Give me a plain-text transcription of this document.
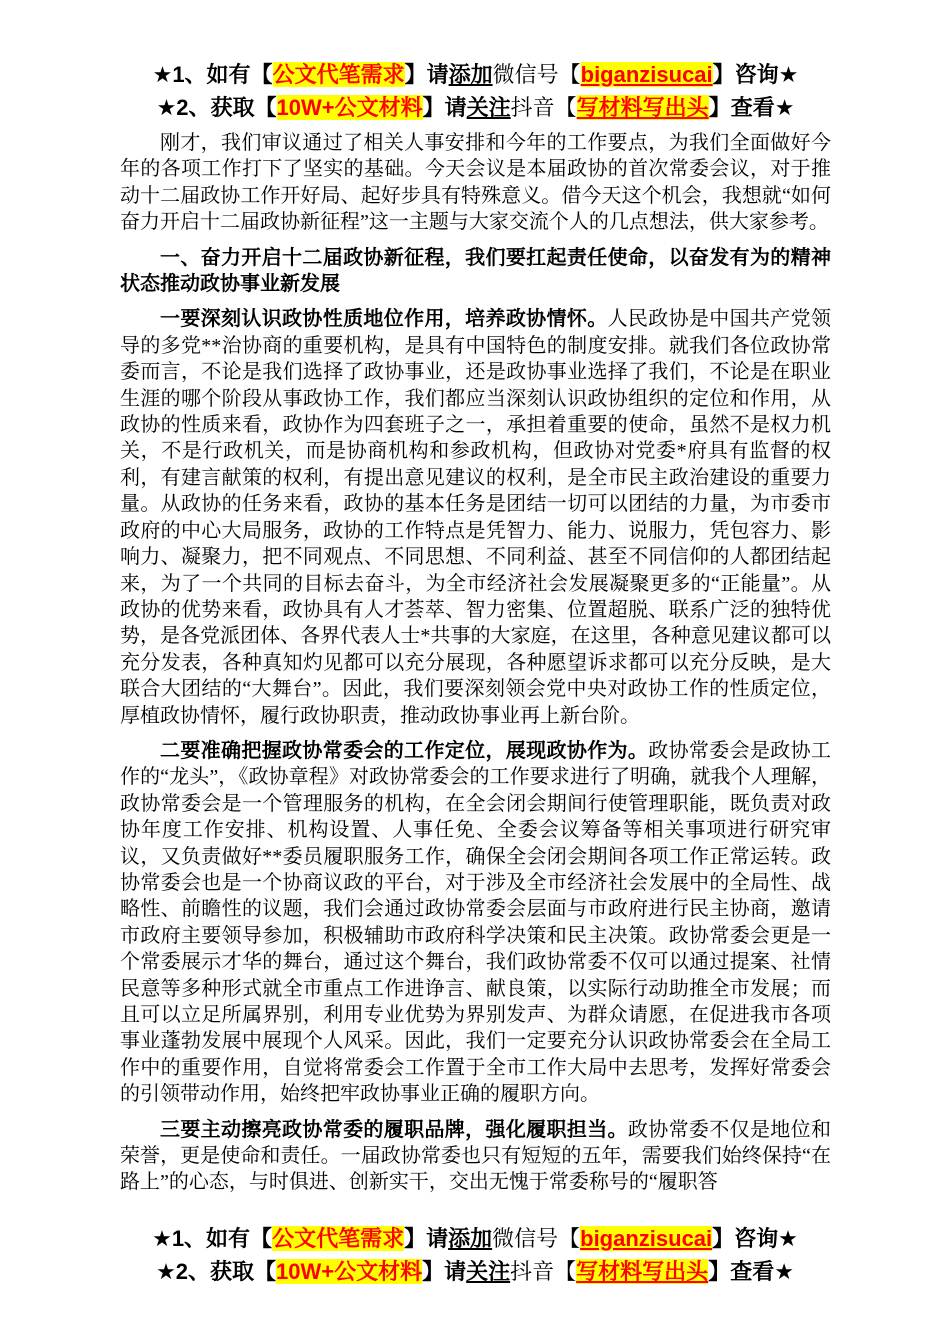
★1、如有【公文代笔需求】请添加微信号【biganzisucai】咨询★
★2、获取【10W+公文材料】请关注抖音【写材料写出头】查看★

刚才，我们审议通过了相关人事安排和今年的工作要点，为我们全面做好今年的各项工作打下了坚实的基础。今天会议是本届政协的首次常委会议，对于推动十二届政协工作开好局、起好步具有特殊意义。借今天这个机会，我想就“如何奋力开启十二届政协新征程”这一主题与大家交流个人的几点想法，供大家参考。

一、奋力开启十二届政协新征程，我们要扛起责任使命，以奋发有为的精神状态推动政协事业新发展

一要深刻认识政协性质地位作用，培养政协情怀。人民政协是中国共产党领导的多党**治协商的重要机构，是具有中国特色的制度安排。就我们各位政协常委而言，不论是我们选择了政协事业，还是政协事业选择了我们，不论是在职业生涯的哪个阶段从事政协工作，我们都应当深刻认识政协组织的定位和作用，从政协的性质来看，政协作为四套班子之一，承担着重要的使命，虽然不是权力机关，不是行政机关，而是协商机构和参政机构，但政协对党委*府具有监督的权利，有建言献策的权利，有提出意见建议的权利，是全市民主政治建设的重要力量。从政协的任务来看，政协的基本任务是团结一切可以团结的力量，为市委市政府的中心大局服务，政协的工作特点是凭智力、能力、说服力，凭包容力、影响力、凝聚力，把不同观点、不同思想、不同利益、甚至不同信仰的人都团结起来，为了一个共同的目标去奋斗，为全市经济社会发展凝聚更多的“正能量”。从政协的优势来看，政协具有人才荟萃、智力密集、位置超脱、联系广泛的独特优势，是各党派团体、各界代表人士*共事的大家庭，在这里，各种意见建议都可以充分发表，各种真知灼见都可以充分展现，各种愿望诉求都可以充分反映，是大联合大团结的“大舞台”。因此，我们要深刻领会党中央对政协工作的性质定位，厚植政协情怀，履行政协职责，推动政协事业再上新台阶。

二要准确把握政协常委会的工作定位，展现政协作为。政协常委会是政协工作的“龙头”，《政协章程》对政协常委会的工作要求进行了明确，就我个人理解，政协常委会是一个管理服务的机构，在全会闭会期间行使管理职能，既负责对政协年度工作安排、机构设置、人事任免、全委会议筹备等相关事项进行研究审议，又负责做好**委员履职服务工作，确保全会闭会期间各项工作正常运转。政协常委会也是一个协商议政的平台，对于涉及全市经济社会发展中的全局性、战略性、前瞻性的议题，我们会通过政协常委会层面与市政府进行民主协商，邀请市政府主要领导参加，积极辅助市政府科学决策和民主决策。政协常委会更是一个常委展示才华的舞台，通过这个舞台，我们政协常委不仅可以通过提案、社情民意等多种形式就全市重点工作进诤言、献良策，以实际行动助推全市发展；而且可以立足所属界别，利用专业优势为界别发声、为群众请愿，在促进我市各项事业蓬勃发展中展现个人风采。因此，我们一定要充分认识政协常委会在全局工作中的重要作用，自觉将常委会工作置于全市工作大局中去思考，发挥好常委会的引领带动作用，始终把牢政协事业正确的履职方向。

三要主动擦亮政协常委的履职品牌，强化履职担当。政协常委不仅是地位和荣誉，更是使命和责任。一届政协常委也只有短短的五年，需要我们始终保持“在路上”的心态，与时俱进、创新实干，交出无愧于常委称号的“履职答

★1、如有【公文代笔需求】请添加微信号【biganzisucai】咨询★
★2、获取【10W+公文材料】请关注抖音【写材料写出头】查看★
